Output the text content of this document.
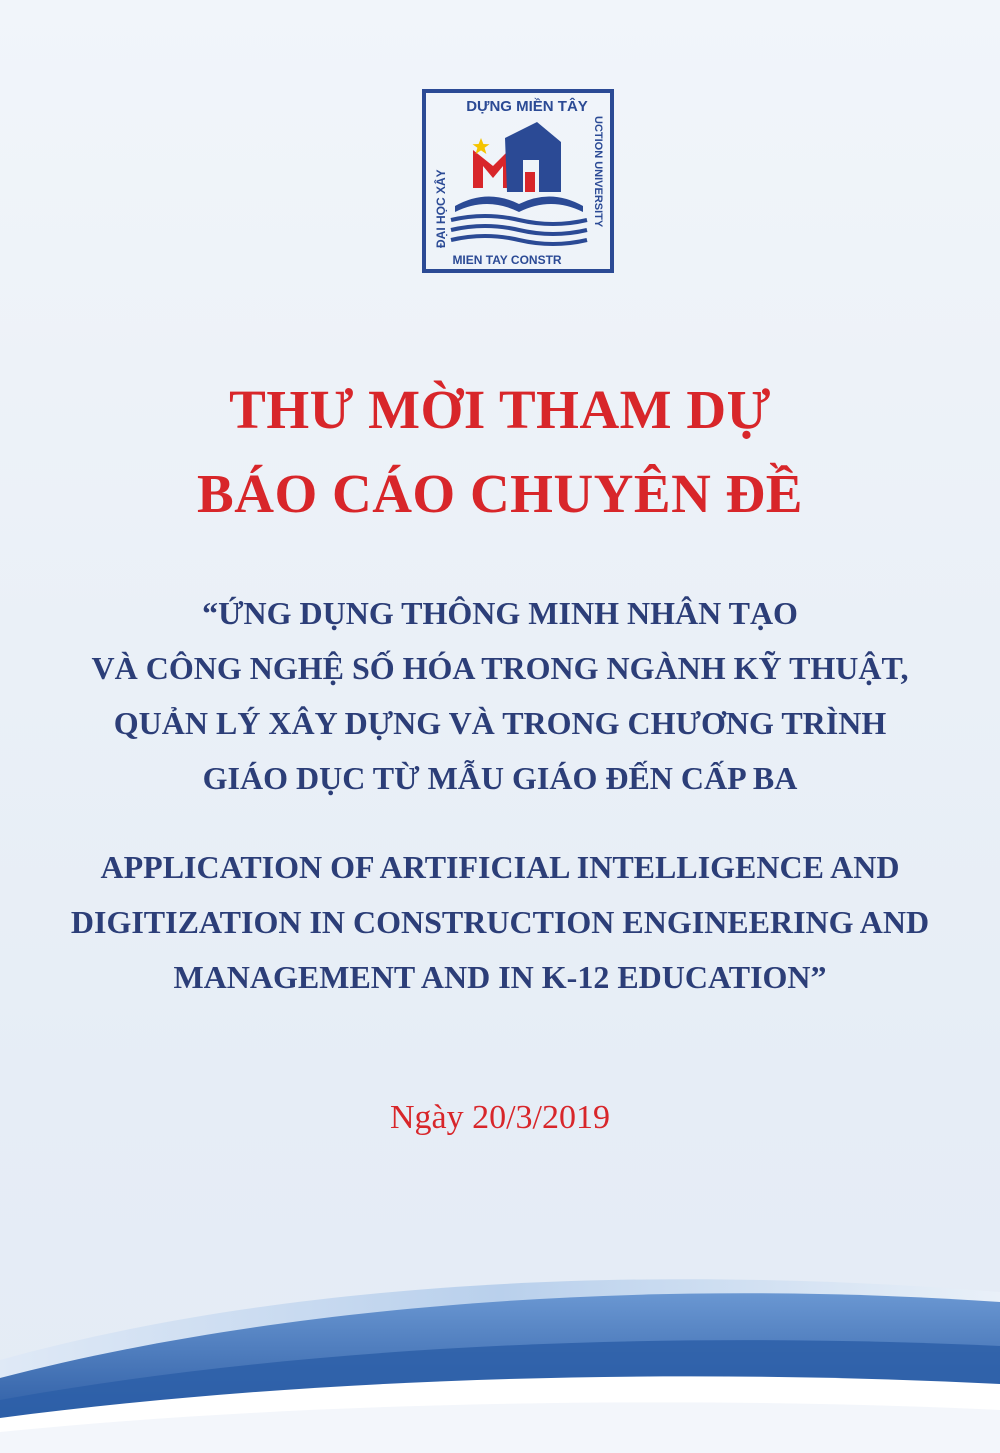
DỰNG MIỀN TÂY
MIEN TAY CONSTR
ĐẠI HỌC XÂY	UCTION UNIVERSITY
THƯ MỜI THAM DỰ
BÁO CÁO CHUYÊN ĐỀ

“ỨNG DỤNG THÔNG MINH NHÂN TẠO

VÀ CÔNG NGHỆ SỐ HÓA TRONG NGÀNH KỸ THUẬT,

QUẢN LÝ XÂY DỰNG VÀ TRONG CHƯƠNG TRÌNH

GIÁO DỤC TỪ MẪU GIÁO ĐẾN CẤP BA

APPLICATION OF ARTIFICIAL INTELLIGENCE AND

DIGITIZATION IN CONSTRUCTION ENGINEERING AND

MANAGEMENT AND IN K-12 EDUCATION”

Ngày 20/3/2019
